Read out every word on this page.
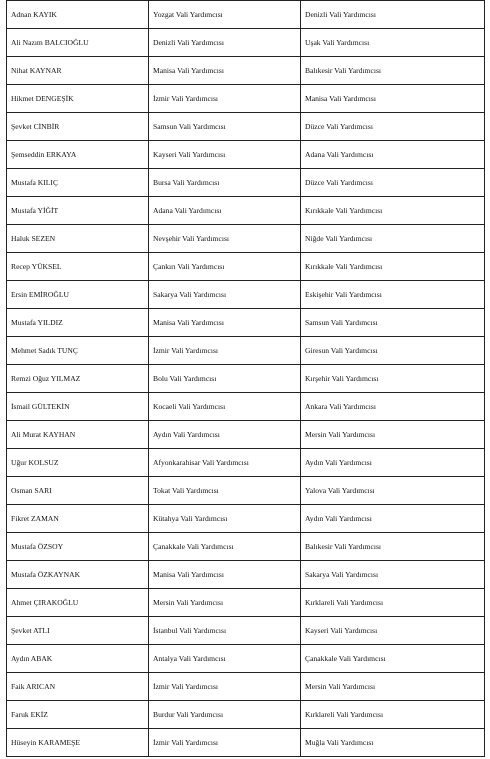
Adnan KAYIK	Yozgat Vali Yardımcısı	Denizli Vali Yardımcısı
Ali Nazım BALCIOĞLU	Denizli Vali Yardımcısı	Uşak Vali Yardımcısı
Nihat KAYNAR	Manisa Vali Yardımcısı	Balıkesir Vali Yardımcısı
Hikmet DENGEŞİK	İzmir Vali Yardımcısı	Manisa Vali Yardımcısı
Şevket CİNBİR	Samsun Vali Yardımcısı	Düzce Vali Yardımcısı
Şemseddin ERKAYA	Kayseri Vali Yardımcısı	Adana Vali Yardımcısı
Mustafa KILIÇ	Bursa Vali Yardımcısı	Düzce Vali Yardımcısı
Mustafa YİĞİT	Adana Vali Yardımcısı	Kırıkkale Vali Yardımcısı
Haluk SEZEN	Nevşehir Vali Yardımcısı	Niğde Vali Yardımcısı
Recep YÜKSEL	Çankırı Vali Yardımcısı	Kırıkkale Vali Yardımcısı
Ersin EMİROĞLU	Sakarya Vali Yardımcısı	Eskişehir Vali Yardımcısı
Mustafa YILDIZ	Manisa Vali Yardımcısı	Samsun Vali Yardımcısı
Mehmet Sadık TUNÇ	İzmir Vali Yardımcısı	Giresun Vali Yardımcısı
Remzi Oğuz YILMAZ	Bolu Vali Yardımcısı	Kırşehir Vali Yardımcısı
İsmail GÜLTEKİN	Kocaeli Vali Yardımcısı	Ankara Vali Yardımcısı
Ali Murat KAYHAN	Aydın Vali Yardımcısı	Mersin Vali Yardımcısı
Uğur KOLSUZ	Afyonkarahisar Vali Yardımcısı	Aydın Vali Yardımcısı
Osman SARI	Tokat Vali Yardımcısı	Yalova Vali Yardımcısı
Fikret ZAMAN	Kütahya Vali Yardımcısı	Aydın Vali Yardımcısı
Mustafa ÖZSOY	Çanakkale Vali Yardımcısı	Balıkesir Vali Yardımcısı
Mustafa ÖZKAYNAK	Manisa Vali Yardımcısı	Sakarya Vali Yardımcısı
Ahmet ÇIRAKOĞLU	Mersin Vali Yardımcısı	Kırklareli Vali Yardımcısı
Şevket ATLI	İstanbul Vali Yardımcısı	Kayseri Vali Yardımcısı
Aydın ABAK	Antalya Vali Yardımcısı	Çanakkale Vali Yardımcısı
Faik ARICAN	İzmir Vali Yardımcısı	Mersin Vali Yardımcısı
Faruk EKİZ	Burdur Vali Yardımcısı	Kırklareli Vali Yardımcısı
Hüseyin KARAMEŞE	İzmir Vali Yardımcısı	Muğla Vali Yardımcısı
